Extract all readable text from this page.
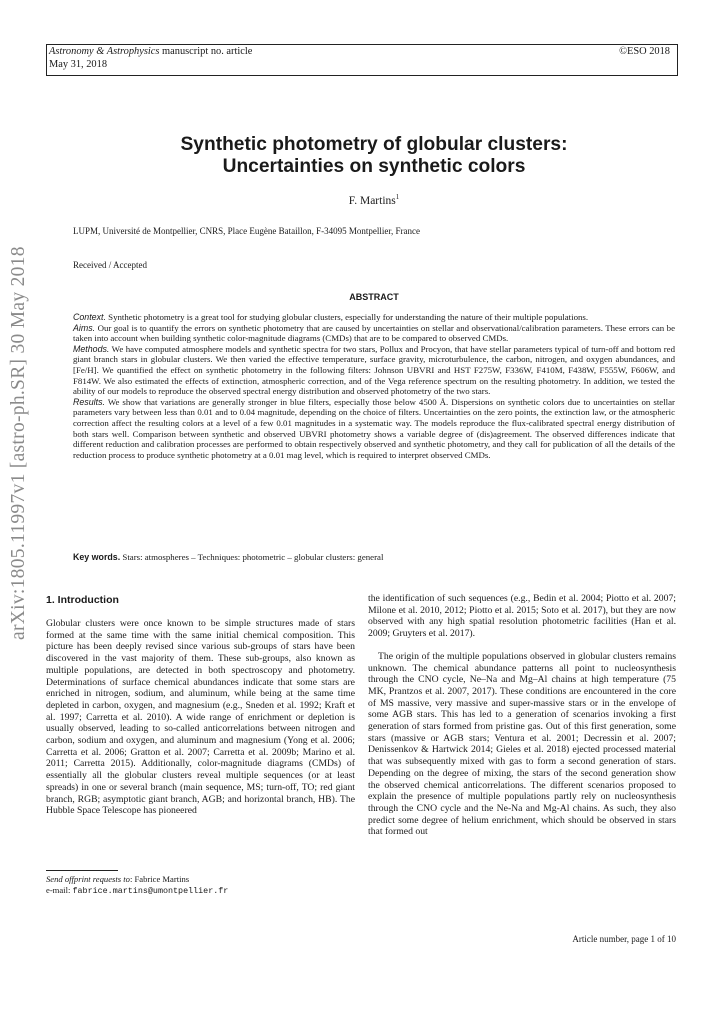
Astronomy & Astrophysics manuscript no. article
May 31, 2018
©ESO 2018
arXiv:1805.11997v1 [astro-ph.SR] 30 May 2018
Synthetic photometry of globular clusters:
Uncertainties on synthetic colors
F. Martins$^1$
LUPM, Université de Montpellier, CNRS, Place Eugène Bataillon, F-34095 Montpellier, France
Received / Accepted
ABSTRACT

Context. Synthetic photometry is a great tool for studying globular clusters, especially for understanding the nature of their multiple populations.

Aims. Our goal is to quantify the errors on synthetic photometry that are caused by uncertainties on stellar and observational/calibration parameters. These errors can be taken into account when building synthetic color-magnitude diagrams (CMDs) that are to be compared to observed CMDs.

Methods. We have computed atmosphere models and synthetic spectra for two stars, Pollux and Procyon, that have stellar parameters typical of turn-off and bottom red giant branch stars in globular clusters. We then varied the effective temperature, surface gravity, microturbulence, the carbon, nitrogen, and oxygen abundances, and [Fe/H]. We quantified the effect on synthetic photometry in the following filters: Johnson UBVRI and HST F275W, F336W, F410M, F438W, F555W, F606W, and F814W. We also estimated the effects of extinction, atmospheric correction, and of the Vega reference spectrum on the resulting photometry. In addition, we tested the ability of our models to reproduce the observed spectral energy distribution and observed photometry of the two stars.

Results. We show that variations are generally stronger in blue filters, especially those below 4500 Å. Dispersions on synthetic colors due to uncertainties on stellar parameters vary between less than 0.01 and to 0.04 magnitude, depending on the choice of filters. Uncertainties on the zero points, the extinction law, or the atmospheric correction affect the resulting colors at a level of a few 0.01 magnitudes in a systematic way. The models reproduce the flux-calibrated spectral energy distribution of both stars well. Comparison between synthetic and observed UBVRI photometry shows a variable degree of (dis)agreement. The observed differences indicate that different reduction and calibration processes are performed to obtain respectively observed and synthetic photometry, and they call for publication of all the details of the reduction process to produce synthetic photometry at a 0.01 mag level, which is required to interpret observed CMDs.

Key words. Stars: atmospheres – Techniques: photometric – globular clusters: general
1. Introduction

Globular clusters were once known to be simple structures made of stars formed at the same time with the same initial chemical composition. This picture has been deeply revised since various sub-groups of stars have been discovered in the vast majority of them. These sub-groups, also known as multiple populations, are detected in both spectroscopy and photometry. Determinations of surface chemical abundances indicate that some stars are enriched in nitrogen, sodium, and aluminum, while being at the same time depleted in carbon, oxygen, and magnesium (e.g., Sneden et al. 1992; Kraft et al. 1997; Carretta et al. 2010). A wide range of enrichment or depletion is usually observed, leading to so-called anticorrelations between nitrogen and carbon, sodium and oxygen, and aluminum and magnesium (Yong et al. 2006; Carretta et al. 2006; Gratton et al. 2007; Carretta et al. 2009b; Marino et al. 2011; Carretta 2015). Additionally, color-magnitude diagrams (CMDs) of essentially all the globular clusters reveal multiple sequences (or at least spreads) in one or several branch (main sequence, MS; turn-off, TO; red giant branch, RGB; asymptotic giant branch, AGB; and horizontal branch, HB). The Hubble Space Telescope has pioneered

the identification of such sequences (e.g., Bedin et al. 2004; Piotto et al. 2007; Milone et al. 2010, 2012; Piotto et al. 2015; Soto et al. 2017), but they are now observed with any high spatial resolution photometric facilities (Han et al. 2009; Gruyters et al. 2017).

The origin of the multiple populations observed in globular clusters remains unknown. The chemical abundance patterns all point to nucleosynthesis through the CNO cycle, Ne–Na and Mg–Al chains at high temperature (75 MK, Prantzos et al. 2007, 2017). These conditions are encountered in the core of MS massive, very massive and super-massive stars or in the envelope of some AGB stars. This has led to a generation of scenarios invoking a first generation of stars formed from pristine gas. Out of this first generation, some stars (massive or AGB stars; Ventura et al. 2001; Decressin et al. 2007; Denissenkov & Hartwick 2014; Gieles et al. 2018) ejected processed material that was subsequently mixed with gas to form a second generation of stars. Depending on the degree of mixing, the stars of the second generation show the observed chemical anticorrelations. The different scenarios proposed to explain the presence of multiple populations partly rely on nucleosynthesis through the CNO cycle and the Ne-Na and Mg-Al chains. As such, they also predict some degree of helium enrichment, which should be observed in stars that formed out

Send offprint requests to: Fabrice Martins
e-mail: fabrice.martins@umontpellier.fr
Article number, page 1 of 10
